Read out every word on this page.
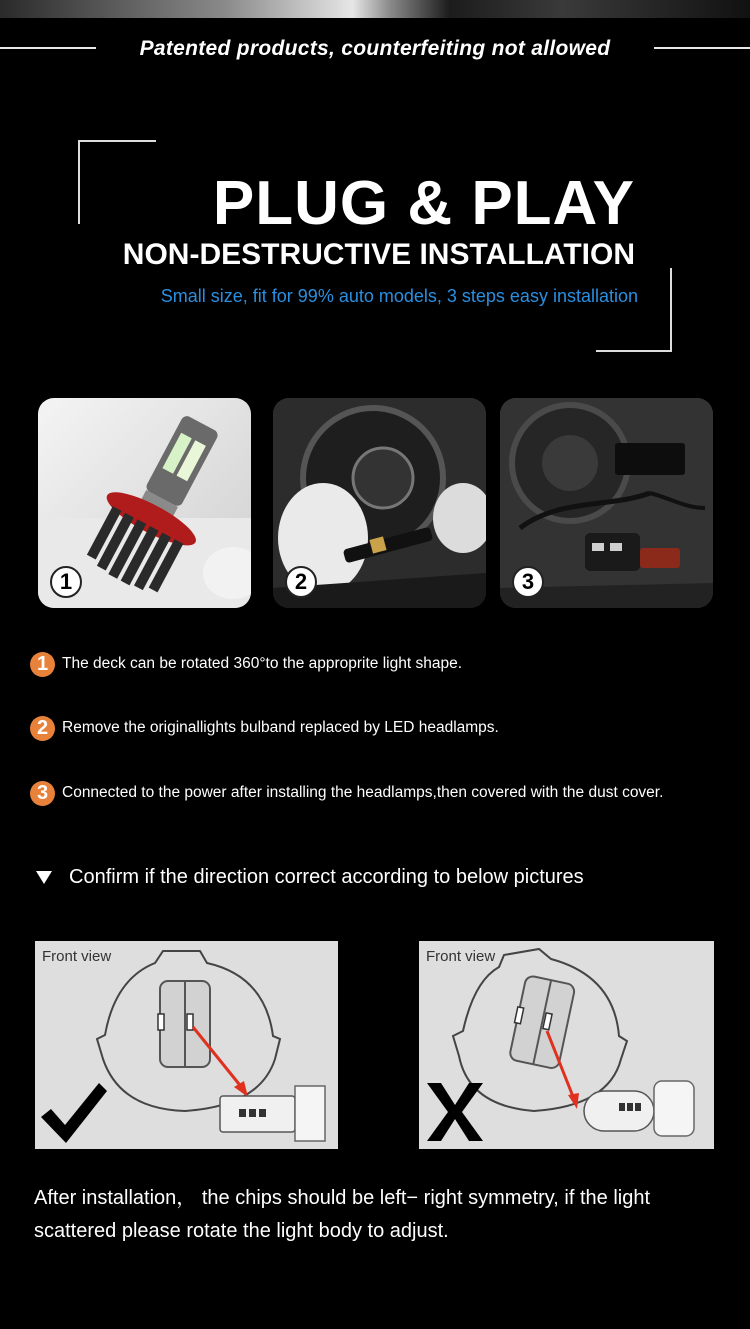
Patented products, counterfeiting not allowed
PLUG & PLAY
NON-DESTRUCTIVE INSTALLATION
Small size, fit for 99% auto models, 3 steps easy installation
1	2	3
1 The deck can be rotated 360°to the approprite light shape.
2 Remove the originallights bulband replaced by LED headlamps.
3 Connected to the power after installing the headlamps,then covered with the dust cover.
Confirm if the direction correct according to below pictures
Front view	Front view
After installation， the chips should be left− right symmetry, if the light scattered please rotate the light body to adjust.
